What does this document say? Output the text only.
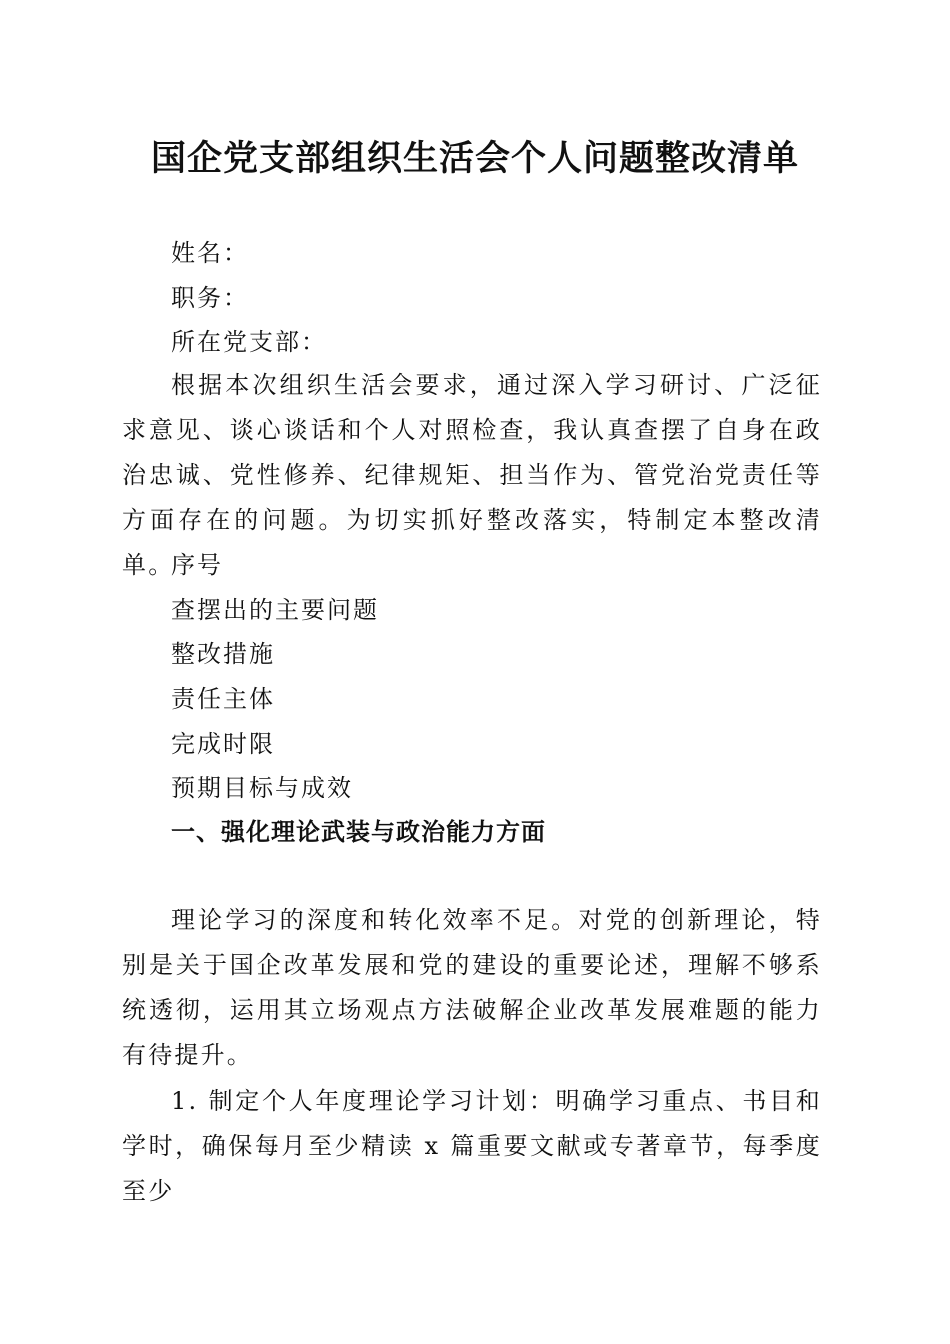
国企党支部组织生活会个人问题整改清单

姓名：

职务：

所在党支部：

根据本次组织生活会要求，通过深入学习研讨、广泛征求意见、谈心谈话和个人对照检查，我认真查摆了自身在政治忠诚、党性修养、纪律规矩、担当作为、管党治党责任等方面存在的问题。为切实抓好整改落实，特制定本整改清单。

序号

查摆出的主要问题

整改措施

责任主体

完成时限

预期目标与成效

一、强化理论武装与政治能力方面

理论学习的深度和转化效率不足。对党的创新理论，特别是关于国企改革发展和党的建设的重要论述，理解不够系统透彻，运用其立场观点方法破解企业改革发展难题的能力有待提升。

1. 制定个人年度理论学习计划：明确学习重点、书目和学时，确保每月至少精读 x 篇重要文献或专著章节，每季度至少
